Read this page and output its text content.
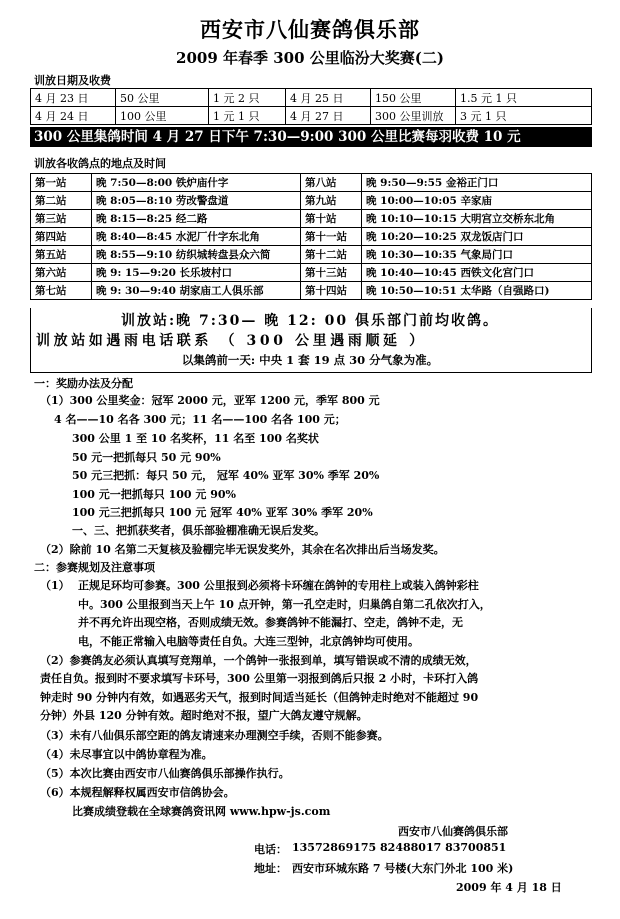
西安市八仙赛鸽俱乐部
2009 年春季 300 公里临汾大奖赛(二)
训放日期及收费
4 月 23 日	50 公里	1 元 2 只	4 月 25 日	150 公里	1.5 元 1 只
4 月 24 日	100 公里	1 元 1 只	4 月 27 日	300 公里训放	3 元 1 只
300 公里集鸽时间 4 月 27 日下午 7:30—9:00 300 公里比赛每羽收费 10 元
训放各收鸽点的地点及时间
第一站	晚 7:50—8:00 铁炉庙什字	第八站	晚 9:50—9:55 金裕正门口
第二站	晚 8:05—8:10 劳改警盘道	第九站	晚 10:00—10:05 辛家庙
第三站	晚 8:15—8:25 经二路	第十站	晚 10:10—10:15 大明宫立交桥东北角
第四站	晚 8:40—8:45 水泥厂什字东北角	第十一站	晚 10:20—10:25 双龙饭店门口
第五站	晚 8:55—9:10 纺织城转盘县众六简	第十二站	晚 10:30—10:35 气象局门口
第六站	晚 9: 15—9:20 长乐坡村口	第十三站	晚 10:40—10:45 西铁文化宫门口
第七站	晚 9: 30—9:40 胡家庙工人俱乐部	第十四站	晚 10:50—10:51 太华路（自强路口)
训放站:晚 7:30— 晚 12: 00 俱乐部门前均收鸽。
训放站如遇雨电话联系 （ 300 公里遇雨顺延 ）
以集鸽前一天: 中央 1 套 19 点 30 分气象为准。
一：奖励办法及分配
（1）300 公里奖金：冠军 2000 元，亚军 1200 元，季军 800 元
4 名——10 名各 300 元；11 名——100 名各 100 元；
300 公里 1 至 10 名奖杯，11 名至 100 名奖状
50 元一把抓每只 50 元 90%
50 元三把抓：每只 50 元， 冠军 40% 亚军 30% 季军 20%
100 元一把抓每只 100 元 90%
100 元三把抓每只 100 元 冠军 40% 亚军 30% 季军 20%
一、三、把抓获奖者，俱乐部验棚准确无误后发奖。
（2）除前 10 名第二天复核及验棚完毕无误发奖外，其余在名次排出后当场发奖。
二：参赛规划及注意事项
（1） 正规足环均可参赛。300 公里报到必须将卡环缠在鸽钟的专用柱上或装入鸽钟彩柱
中。300 公里报到当天上午 10 点开钟，第一孔空走时，归巢鸽自第二孔依次打入，
并不再允许出现空格，否则成绩无效。参赛鸽钟不能漏打、空走，鸽钟不走，无
电，不能正常输入电脑等责任自负。大连三型钟，北京鸽钟均可使用。
（2）参赛鸽友必须认真填写竞翔单，一个鸽钟一张报到单，填写错误或不清的成绩无效，
责任自负。报到时不要求填写卡环号，300 公里第一羽报到鸽后只报 2 小时，卡环打入鸽
钟走时 90 分钟内有效，如遇恶劣天气，报到时间适当延长（但鸽钟走时绝对不能超过 90
分钟）外县 120 分钟有效。超时绝对不报，望广大鸽友遵守规解。
（3）未有八仙俱乐部空距的鸽友请速来办理测空手续，否则不能参赛。
（4）未尽事宜以中鸽协章程为准。
（5）本次比赛由西安市八仙赛鸽俱乐部操作执行。
（6）本规程解释权属西安市信鸽协会。
比赛成绩登载在全球赛鸽资讯网 www.hpw-js.com
西安市八仙赛鸽俱乐部
电话： 13572869175 82488017 83700851
地址： 西安市环城东路 7 号楼(大东门外北 100 米)
2009 年 4 月 18 日
